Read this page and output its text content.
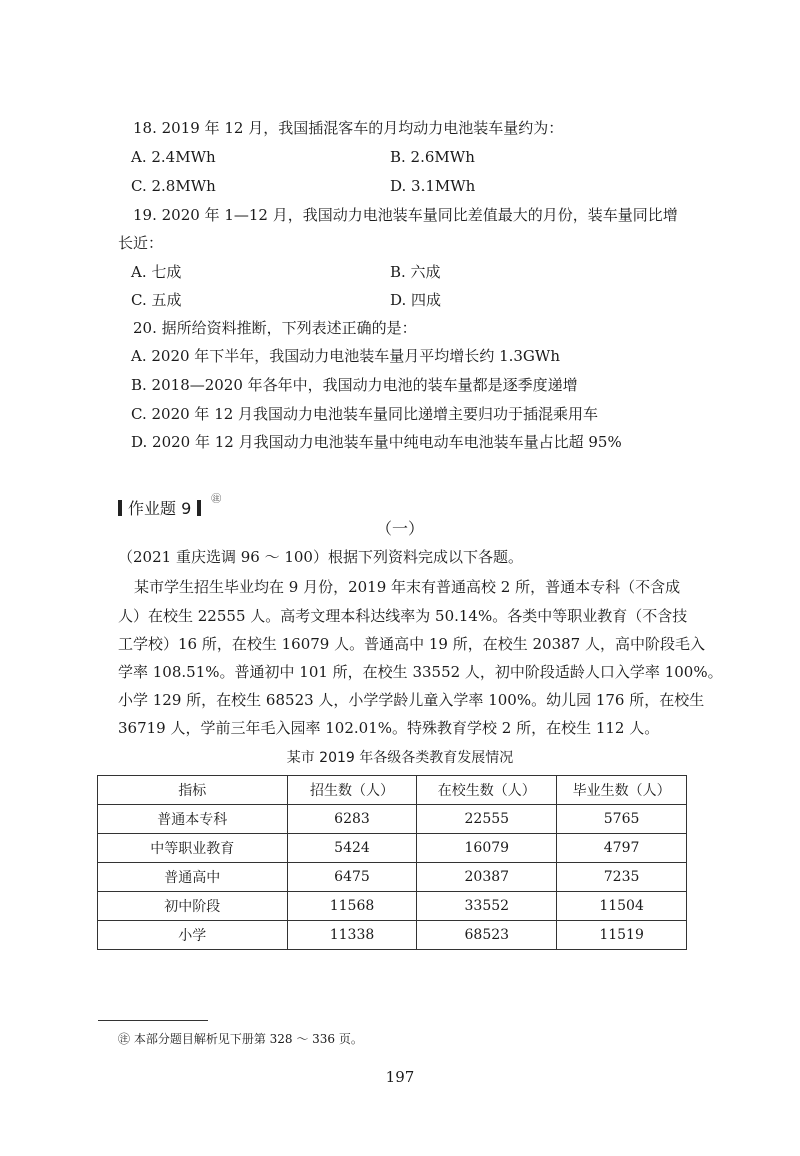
18. 2019 年 12 月，我国插混客车的月均动力电池装车量约为：
A. 2.4MWh	B. 2.6MWh
C. 2.8MWh	D. 3.1MWh
19. 2020 年 1—12 月，我国动力电池装车量同比差值最大的月份，装车量同比增
长近：
A. 七成	B. 六成
C. 五成	D. 四成
20. 据所给资料推断，下列表述正确的是：
A. 2020 年下半年，我国动力电池装车量月平均增长约 1.3GWh
B. 2018—2020 年各年中，我国动力电池的装车量都是逐季度递增
C. 2020 年 12 月我国动力电池装车量同比递增主要归功于插混乘用车
D. 2020 年 12 月我国动力电池装车量中纯电动车电池装车量占比超 95%
作业题 9 ㊟
（一）
（2021 重庆选调 96 ～ 100）根据下列资料完成以下各题。
某市学生招生毕业均在 9 月份，2019 年末有普通高校 2 所，普通本专科（不含成
人）在校生 22555 人。高考文理本科达线率为 50.14%。各类中等职业教育（不含技
工学校）16 所，在校生 16079 人。普通高中 19 所，在校生 20387 人，高中阶段毛入
学率 108.51%。普通初中 101 所，在校生 33552 人，初中阶段适龄人口入学率 100%。
小学 129 所，在校生 68523 人，小学学龄儿童入学率 100%。幼儿园 176 所，在校生
36719 人，学前三年毛入园率 102.01%。特殊教育学校 2 所，在校生 112 人。
某市 2019 年各级各类教育发展情况
指标	招生数（人）	在校生数（人）	毕业生数（人）
普通本专科	6283	22555	5765
中等职业教育	5424	16079	4797
普通高中	6475	20387	7235
初中阶段	11568	33552	11504
小学	11338	68523	11519
㊟ 本部分题目解析见下册第 328 ～ 336 页。
197
